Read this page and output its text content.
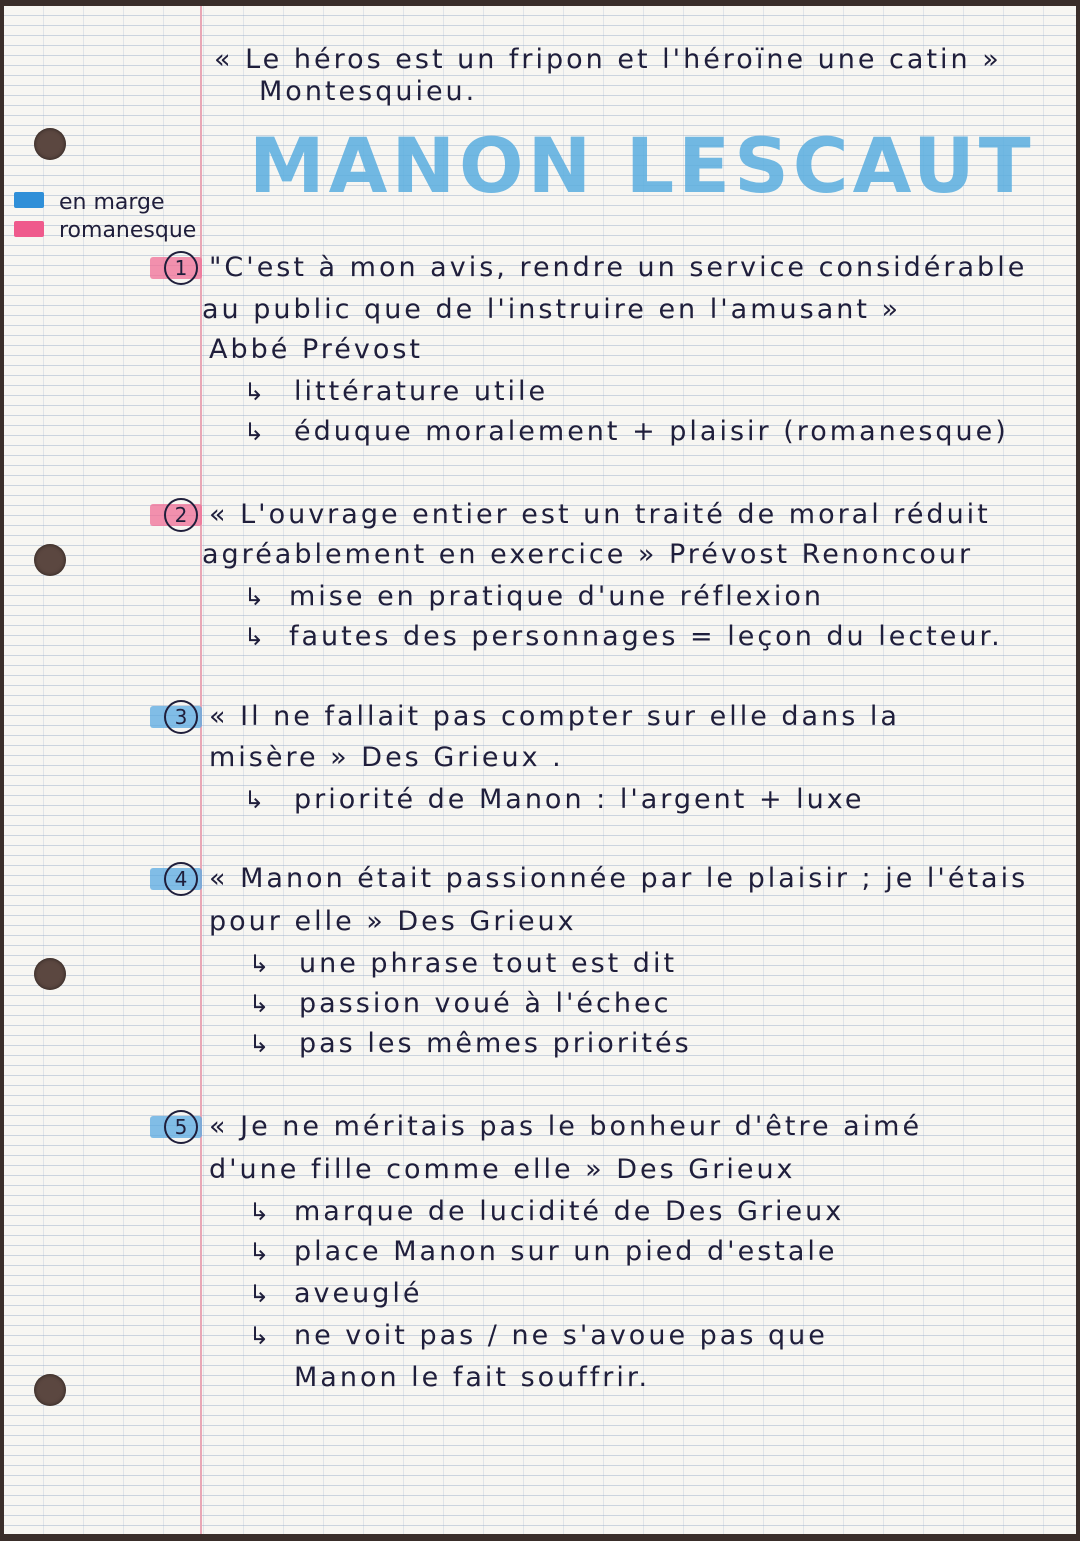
« Le héros est un fripon et l'héroïne une catin »
Montesquieu.
MANON LESCAUT
en marge
romanesque
1 "C'est à mon avis, rendre un service considérable
au public que de l'instruire en l'amusant »
Abbé Prévost
↳ littérature utile
↳ éduque moralement + plaisir (romanesque)
2 « L'ouvrage entier est un traité de moral réduit
agréablement en exercice » Prévost Renoncour
↳ mise en pratique d'une réflexion
↳ fautes des personnages = leçon du lecteur.
3 « Il ne fallait pas compter sur elle dans la
misère » Des Grieux .
↳ priorité de Manon : l'argent + luxe
4 « Manon était passionnée par le plaisir ; je l'étais
pour elle » Des Grieux
↳ une phrase tout est dit
↳ passion voué à l'échec
↳ pas les mêmes priorités
5 « Je ne méritais pas le bonheur d'être aimé
d'une fille comme elle » Des Grieux
↳ marque de lucidité de Des Grieux
↳ place Manon sur un pied d'estale
↳ aveuglé
↳ ne voit pas / ne s'avoue pas que
Manon le fait souffrir.
